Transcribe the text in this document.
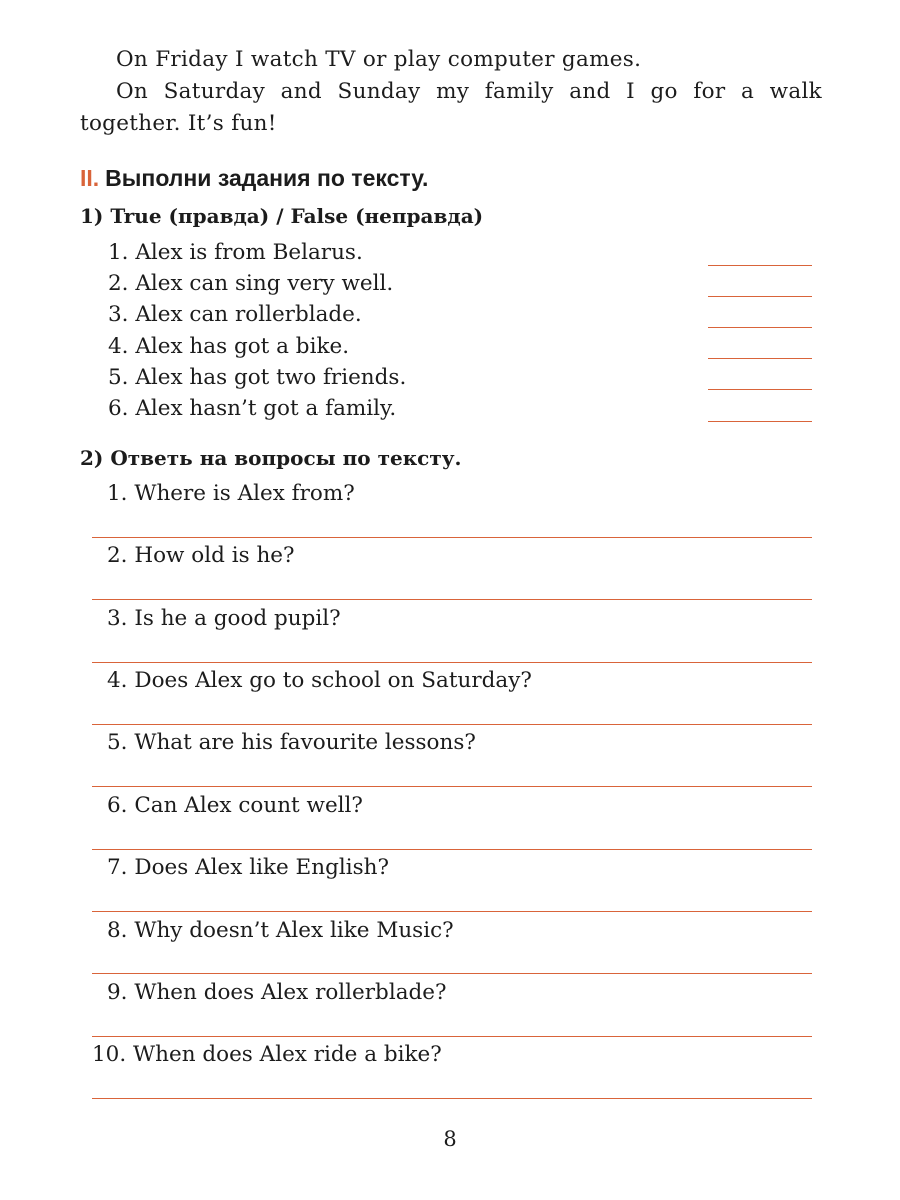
On Friday I watch TV or play computer games.

On Saturday and Sunday my family and I go for a walk together. It’s fun!

II. Выполни задания по тексту.
1) True (правда) / False (неправда)
1. Alex is from Belarus.
2. Alex can sing very well.
3. Alex can rollerblade.
4. Alex has got a bike.
5. Alex has got two friends.
6. Alex hasn’t got a family.
2) Ответь на вопросы по тексту.
1. Where is Alex from?
2. How old is he?
3. Is he a good pupil?
4. Does Alex go to school on Saturday?
5. What are his favourite lessons?
6. Can Alex count well?
7. Does Alex like English?
8. Why doesn’t Alex like Music?
9. When does Alex rollerblade?
10. When does Alex ride a bike?
8
